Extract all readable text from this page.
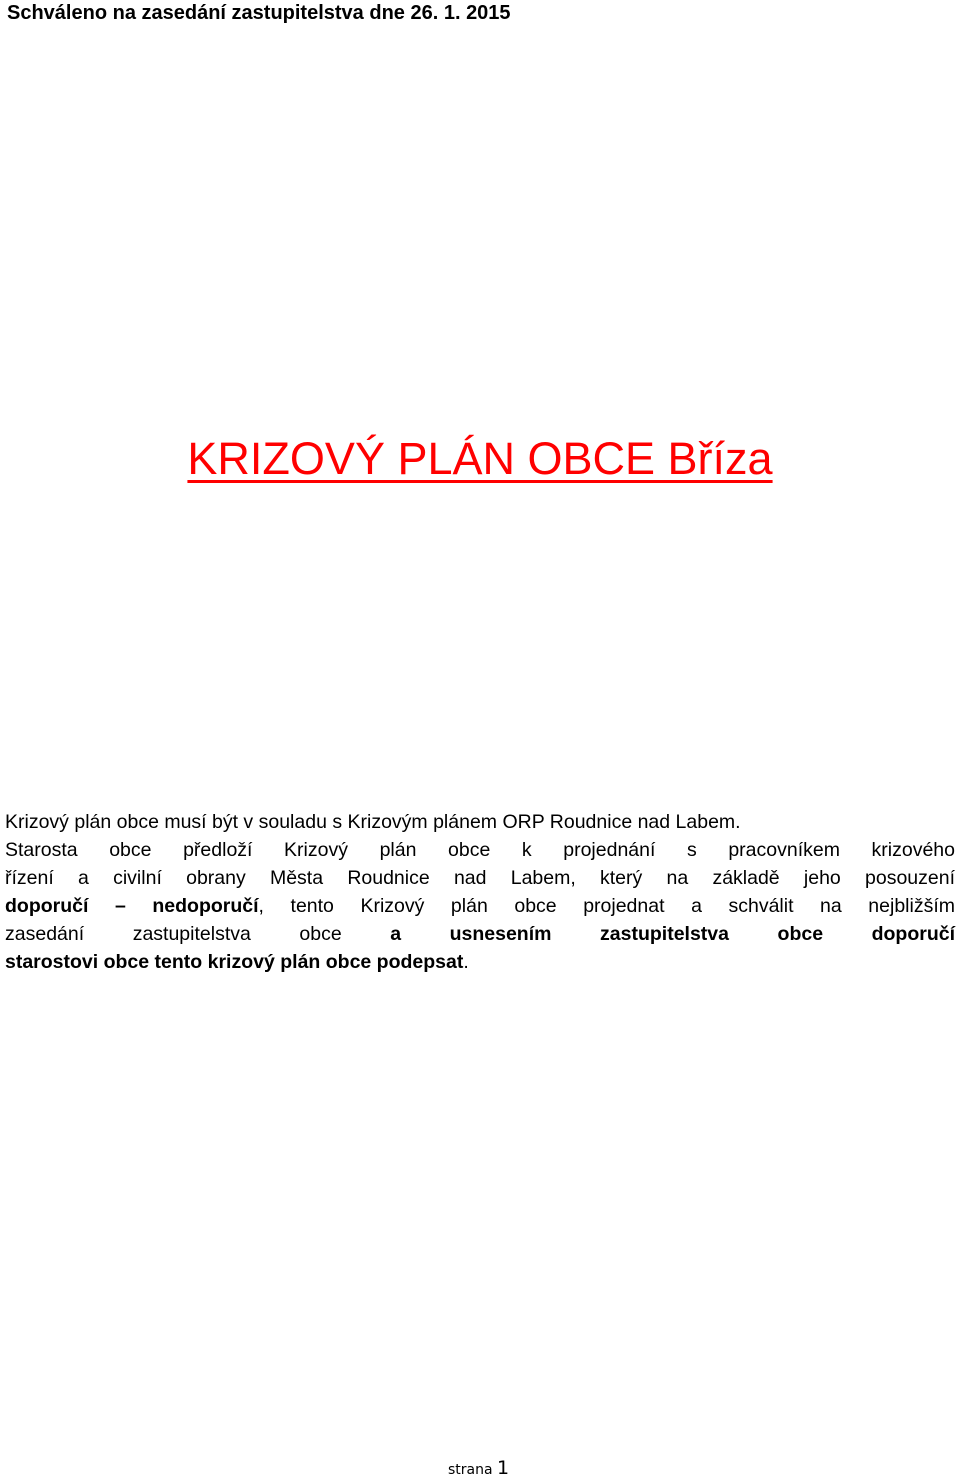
Schváleno na zasedání zastupitelstva dne 26. 1. 2015
KRIZOVÝ PLÁN OBCE Bříza
Krizový plán obce musí být v souladu s Krizovým plánem ORP Roudnice nad Labem.
Starosta obce předloží Krizový plán obce k projednání s pracovníkem krizového
řízení a civilní obrany Města Roudnice nad Labem, který na základě jeho posouzení
doporučí – nedoporučí, tento Krizový plán obce projednat a schválit na nejbližším
zasedání zastupitelstva obce a usnesením zastupitelstva obce doporučí
starostovi obce tento krizový plán obce podepsat.
strana 1
